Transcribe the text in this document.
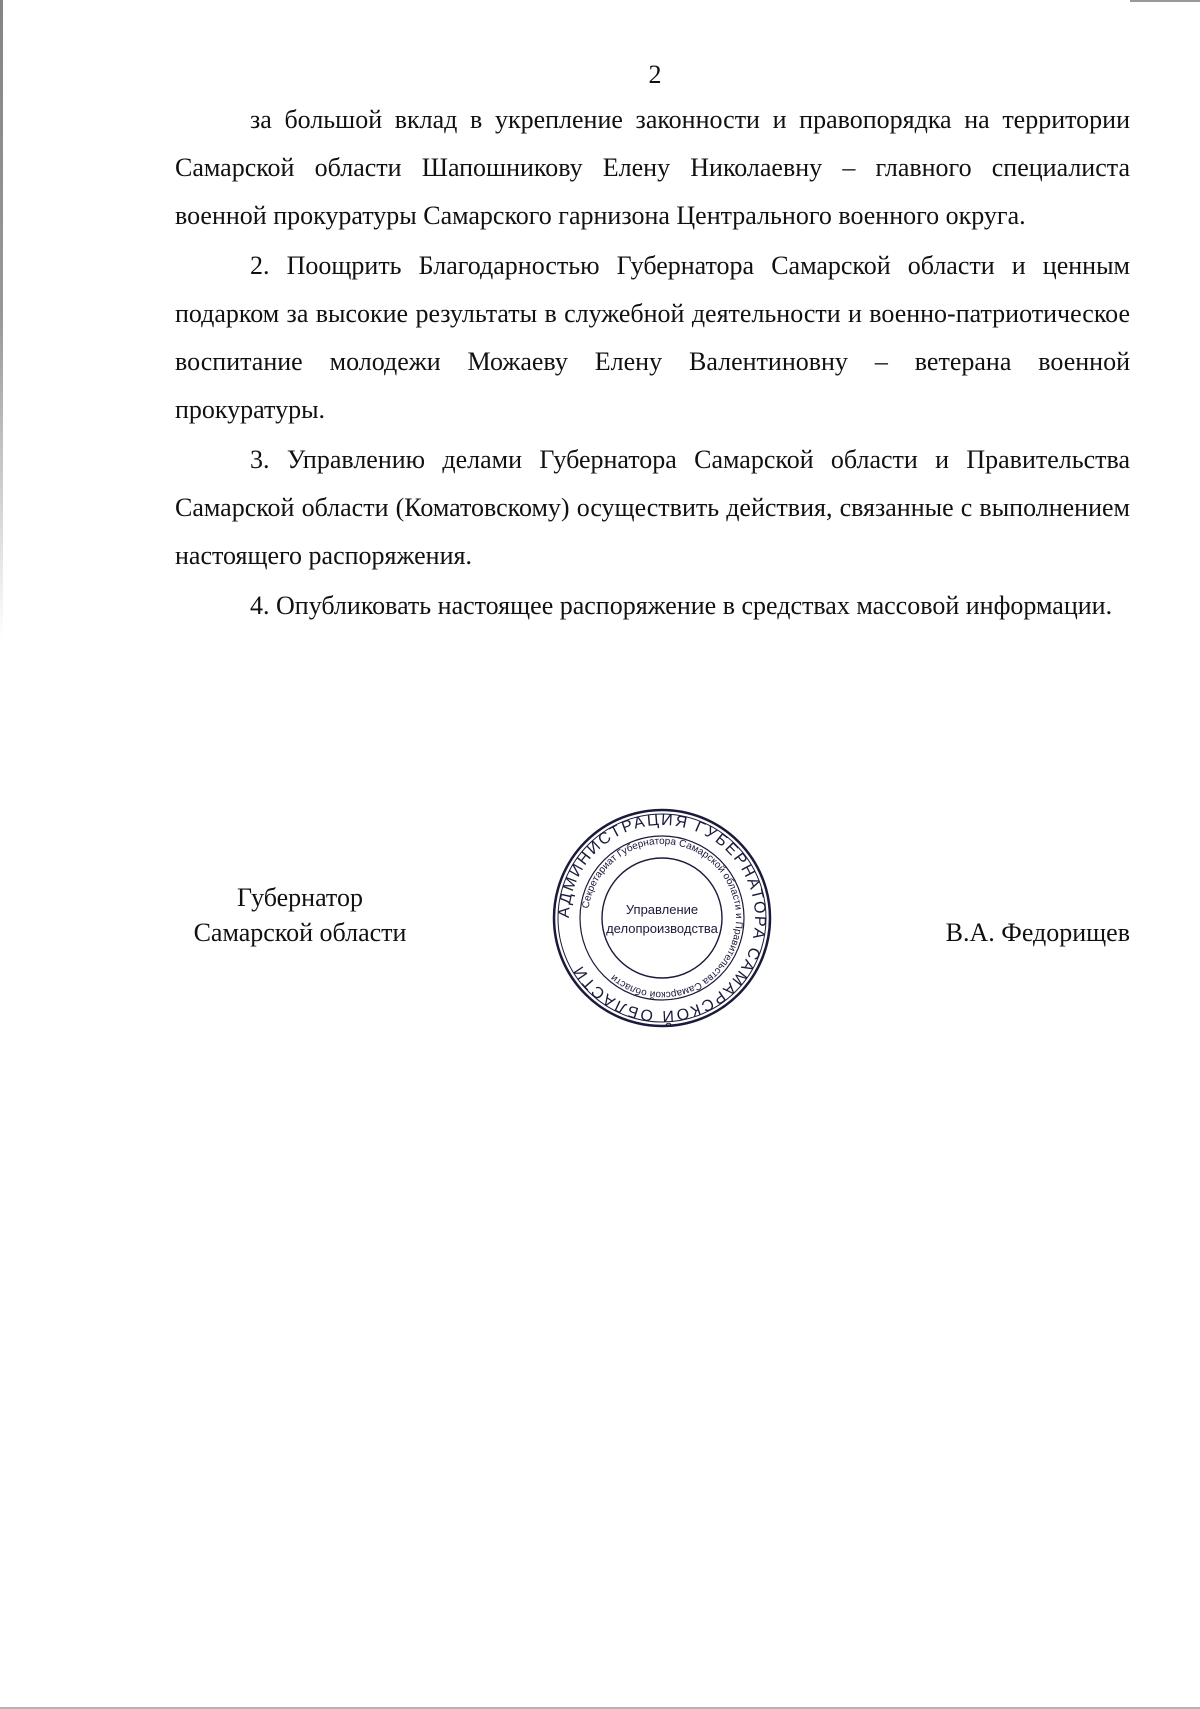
2

за большой вклад в укрепление законности и правопорядка на территории Самарской области Шапошникову Елену Николаевну – главного специалиста военной прокуратуры Самарского гарнизона Центрального военного округа.

2. Поощрить Благодарностью Губернатора Самарской области и ценным подарком за высокие результаты в служебной деятельности и военно-патриотическое воспитание молодежи Можаеву Елену Валентиновну – ветерана военной прокуратуры.

3. Управлению делами Губернатора Самарской области и Правительства Самарской области (Коматовскому) осуществить действия, связанные с выполнением настоящего распоряжения.

4. Опубликовать настоящее распоряжение в средствах массовой информации.

Губернатор
Самарской области
АДМИНИСТРАЦИЯ ГУБЕРНАТОРА САМАРСКОЙ ОБЛАСТИ
Секретариат Губернатора Самарской области и Правительства Самарской области
Управление
делопроизводства	В.А. Федорищев
